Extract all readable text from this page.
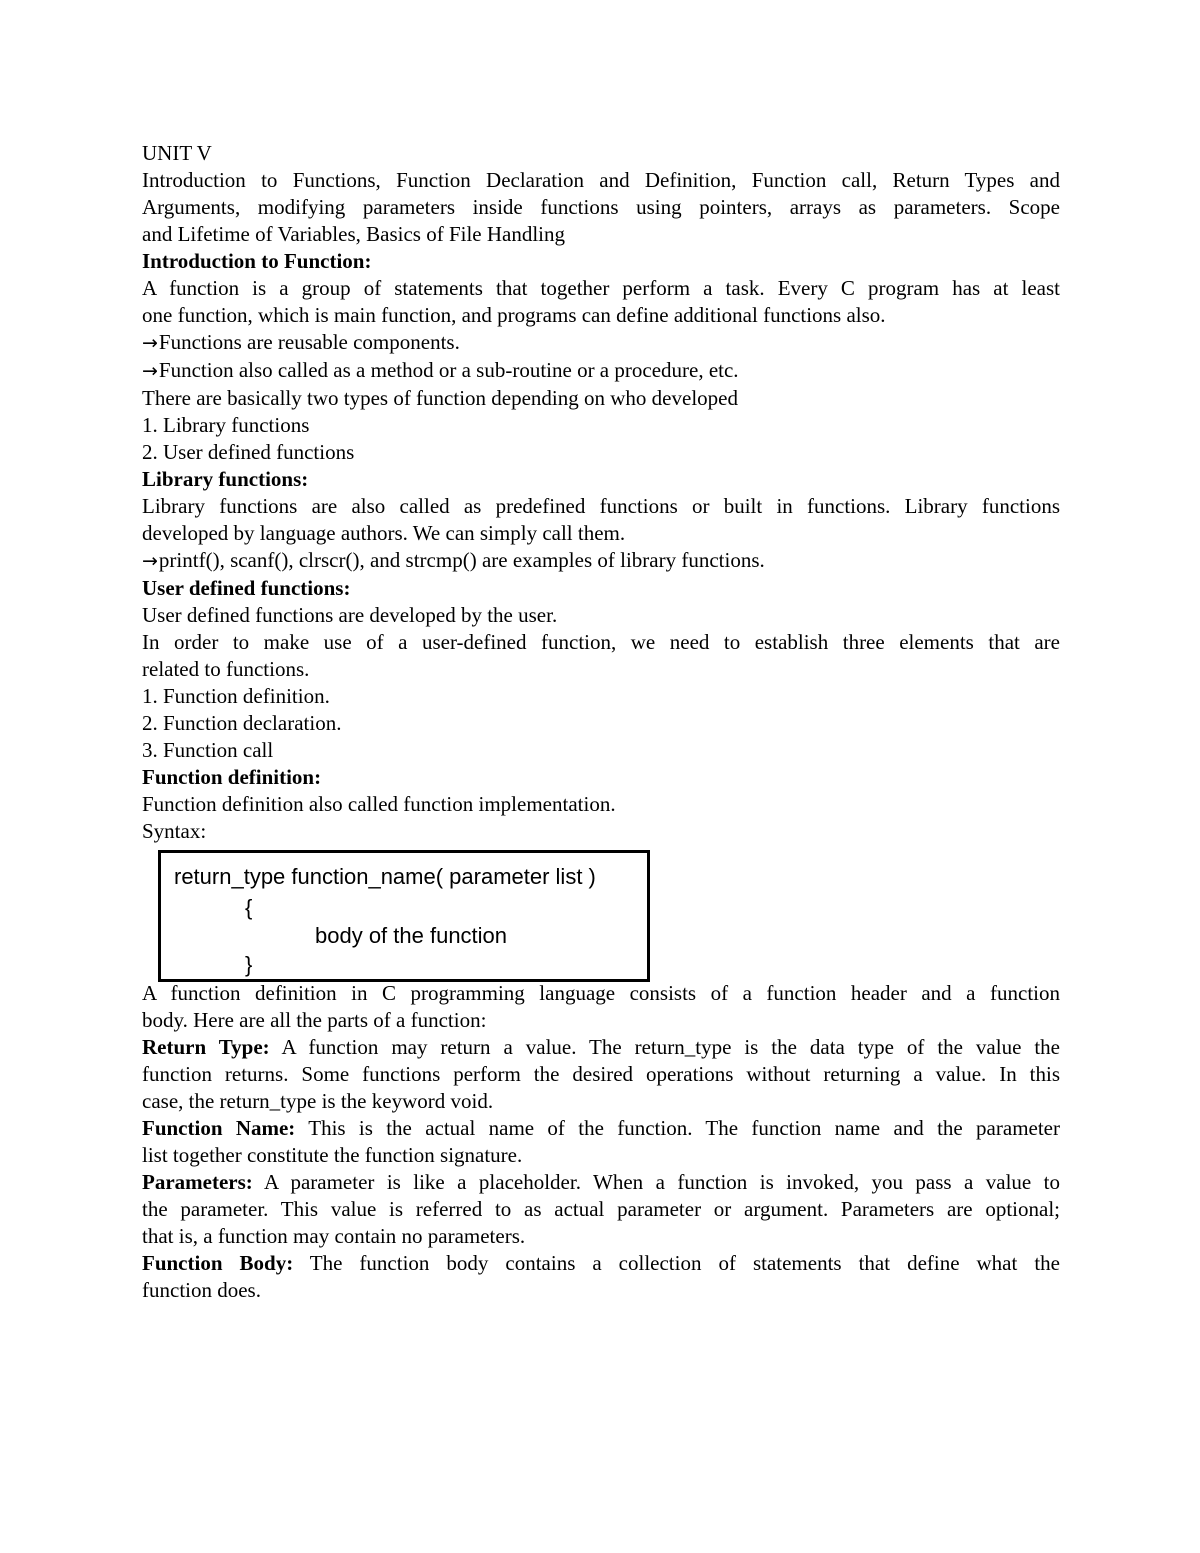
UNIT V
Introduction to Functions, Function Declaration and Definition, Function call, Return Types and
Arguments, modifying parameters inside functions using pointers, arrays as parameters. Scope
and Lifetime of Variables, Basics of File Handling
Introduction to Function:
A function is a group of statements that together perform a task. Every C program has at least
one function, which is main function, and programs can define additional functions also.
→Functions are reusable components.
→Function also called as a method or a sub-routine or a procedure, etc.
There are basically two types of function depending on who developed
1. Library functions
2. User defined functions
Library functions:
Library functions are also called as predefined functions or built in functions. Library functions
developed by language authors. We can simply call them.
→printf(), scanf(), clrscr(), and strcmp() are examples of library functions.
User defined functions:
User defined functions are developed by the user.
In order to make use of a user-defined function, we need to establish three elements that are
related to functions.
1. Function definition.
2. Function declaration.
3. Function call
Function definition:
Function definition also called function implementation.
Syntax:
return_type function_name( parameter list )
{
body of the function
}
A function definition in C programming language consists of a function header and a function
body. Here are all the parts of a function:
Return Type: A function may return a value. The return_type is the data type of the value the
function returns. Some functions perform the desired operations without returning a value. In this
case, the return_type is the keyword void.
Function Name: This is the actual name of the function. The function name and the parameter
list together constitute the function signature.
Parameters: A parameter is like a placeholder. When a function is invoked, you pass a value to
the parameter. This value is referred to as actual parameter or argument. Parameters are optional;
that is, a function may contain no parameters.
Function Body: The function body contains a collection of statements that define what the
function does.
